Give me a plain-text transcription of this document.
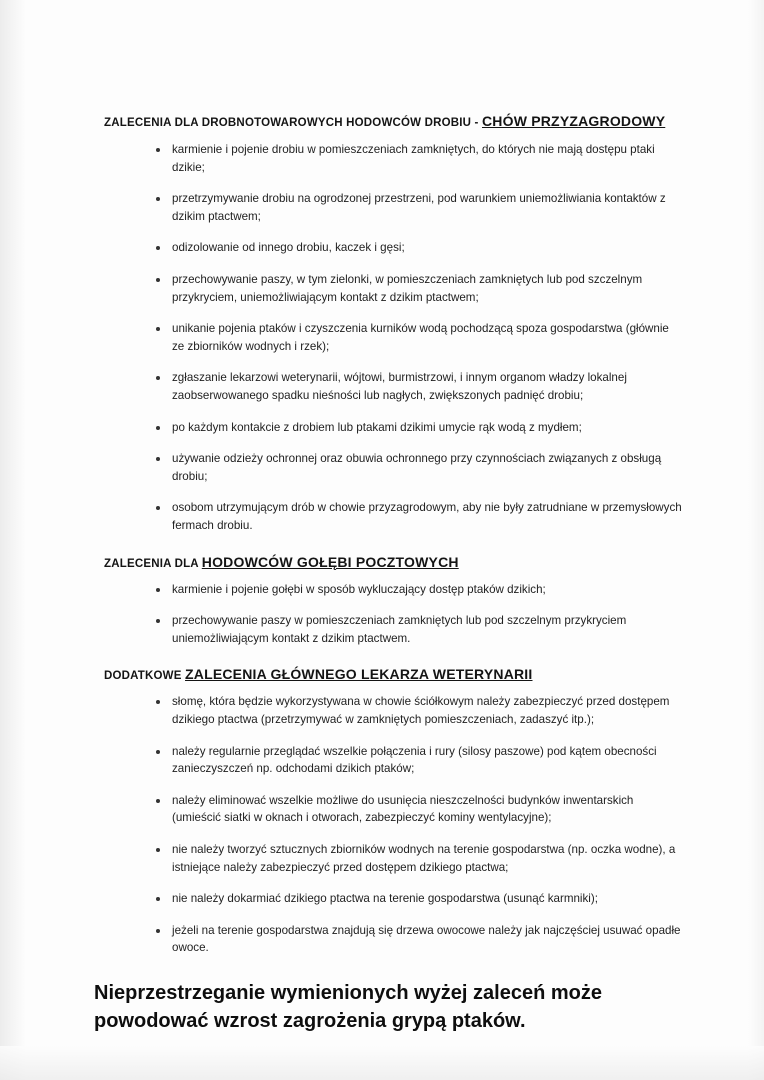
ZALECENIA DLA DROBNOTOWAROWYCH HODOWCÓW DROBIU - CHÓW PRZYZAGRODOWY
karmienie i pojenie drobiu w pomieszczeniach zamkniętych, do których nie mają dostępu ptaki dzikie;
przetrzymywanie drobiu na ogrodzonej przestrzeni, pod warunkiem uniemożliwiania kontaktów z dzikim ptactwem;
odizolowanie od innego drobiu, kaczek i gęsi;
przechowywanie paszy, w tym zielonki, w pomieszczeniach zamkniętych lub pod szczelnym przykryciem, uniemożliwiającym kontakt z dzikim ptactwem;
unikanie pojenia ptaków i czyszczenia kurników wodą pochodzącą spoza gospodarstwa (głównie ze zbiorników wodnych i rzek);
zgłaszanie lekarzowi weterynarii, wójtowi, burmistrzowi, i innym organom władzy lokalnej zaobserwowanego spadku nieśności lub nagłych, zwiększonych padnięć drobiu;
po każdym kontakcie z drobiem lub ptakami dzikimi umycie rąk wodą z mydłem;
używanie odzieży ochronnej oraz obuwia ochronnego przy czynnościach związanych z obsługą drobiu;
osobom utrzymującym drób w chowie przyzagrodowym, aby nie były zatrudniane w przemysłowych fermach drobiu.
ZALECENIA DLA HODOWCÓW GOŁĘBI POCZTOWYCH
karmienie i pojenie gołębi w sposób wykluczający dostęp ptaków dzikich;
przechowywanie paszy w pomieszczeniach zamkniętych lub pod szczelnym przykryciem uniemożliwiającym kontakt z dzikim ptactwem.
DODATKOWE ZALECENIA GŁÓWNEGO LEKARZA WETERYNARII
słomę, która będzie wykorzystywana w chowie ściółkowym należy zabezpieczyć przed dostępem dzikiego ptactwa (przetrzymywać w zamkniętych pomieszczeniach, zadaszyć itp.);
należy regularnie przeglądać wszelkie połączenia i rury (silosy paszowe) pod kątem obecności zanieczyszczeń np. odchodami dzikich ptaków;
należy eliminować wszelkie możliwe do usunięcia nieszczelności budynków inwentarskich (umieścić siatki w oknach i otworach, zabezpieczyć kominy wentylacyjne);
nie należy tworzyć sztucznych zbiorników wodnych na terenie gospodarstwa (np. oczka wodne), a istniejące należy zabezpieczyć przed dostępem dzikiego ptactwa;
nie należy dokarmiać dzikiego ptactwa na terenie gospodarstwa (usunąć karmniki);
jeżeli na terenie gospodarstwa znajdują się drzewa owocowe należy jak najczęściej usuwać opadłe owoce.
Nieprzestrzeganie wymienionych wyżej zaleceń może powodować wzrost zagrożenia grypą ptaków.
